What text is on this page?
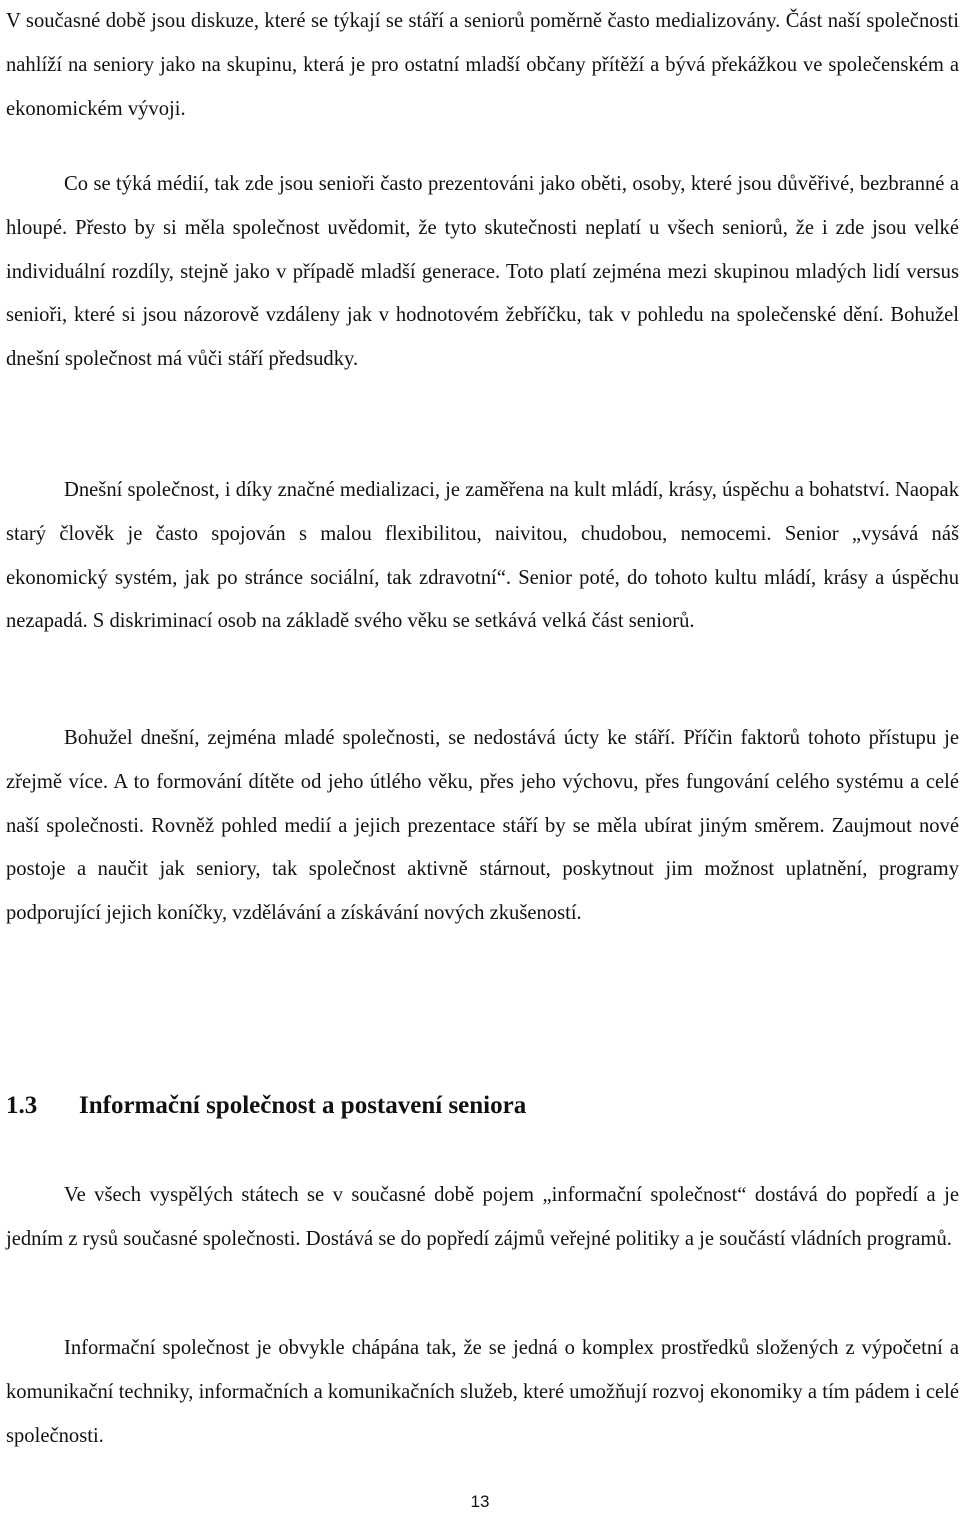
V současné době jsou diskuze, které se týkají se stáří a seniorů poměrně často medializovány. Část naší společnosti nahlíží na seniory jako na skupinu, která je pro ostatní mladší občany přítěží a bývá překážkou ve společenském a ekonomickém vývoji.

Co se týká médií, tak zde jsou senioři často prezentováni jako oběti, osoby, které jsou důvěřivé, bezbranné a hloupé. Přesto by si měla společnost uvědomit, že tyto skutečnosti neplatí u všech seniorů, že i zde jsou velké individuální rozdíly, stejně jako v případě mladší generace. Toto platí zejména mezi skupinou mladých lidí versus senioři, které si jsou názorově vzdáleny jak v hodnotovém žebříčku, tak v pohledu na společenské dění. Bohužel dnešní společnost má vůči stáří předsudky.

Dnešní společnost, i díky značné medializaci, je zaměřena na kult mládí, krásy, úspěchu a bohatství. Naopak starý člověk je často spojován s malou flexibilitou, naivitou, chudobou, nemocemi. Senior „vysává náš ekonomický systém, jak po stránce sociální, tak zdravotní“. Senior poté, do tohoto kultu mládí, krásy a úspěchu nezapadá. S diskriminací osob na základě svého věku se setkává velká část seniorů.

Bohužel dnešní, zejména mladé společnosti, se nedostává úcty ke stáří. Příčin faktorů tohoto přístupu je zřejmě více. A to formování dítěte od jeho útlého věku, přes jeho výchovu, přes fungování celého systému a celé naší společnosti. Rovněž pohled medií a jejich prezentace stáří by se měla ubírat jiným směrem. Zaujmout nové postoje a naučit jak seniory, tak společnost aktivně stárnout, poskytnout jim možnost uplatnění, programy podporující jejich koníčky, vzdělávání a získávání nových zkušeností.

1.3 Informační společnost a postavení seniora

Ve všech vyspělých státech se v současné době pojem „informační společnost“ dostává do popředí a je jedním z rysů současné společnosti. Dostává se do popředí zájmů veřejné politiky a je součástí vládních programů.

Informační společnost je obvykle chápána tak, že se jedná o komplex prostředků složených z výpočetní a komunikační techniky, informačních a komunikačních služeb, které umožňují rozvoj ekonomiky a tím pádem i celé společnosti.

13
